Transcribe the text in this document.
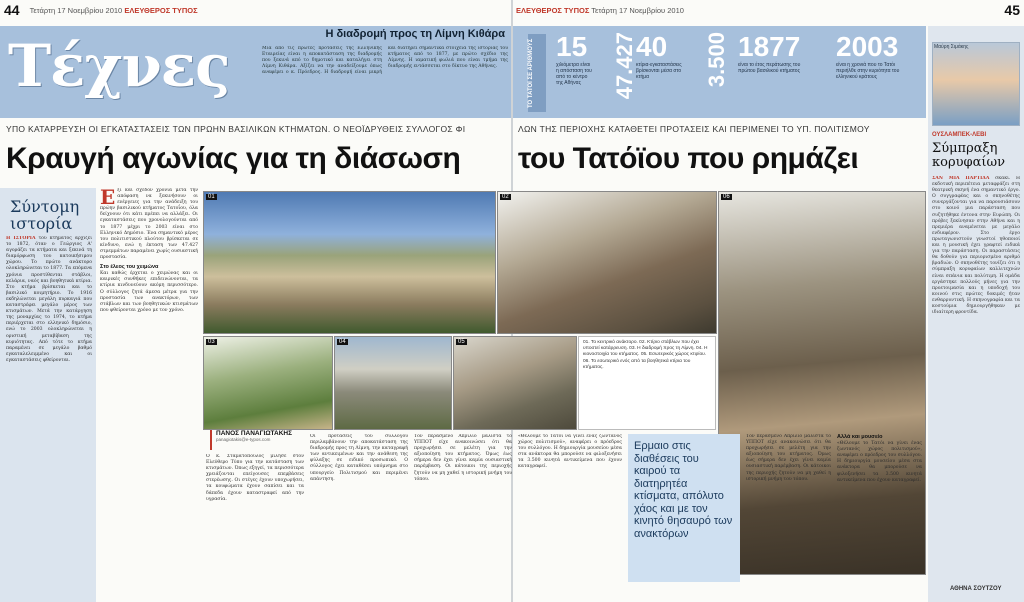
44 Τετάρτη 17 Νοεμβρίου 2010 ΕΛΕΥΘΕΡΟΣ ΤΥΠΟΣ	ΕΛΕΥΘΕΡΟΣ ΤΥΠΟΣ Τετάρτη 17 Νοεμβρίου 2010	45
Τέχνες	Η διαδρομή προς τη Λίμνη Κιθάρα
Μια από τις πρώτες προτάσεις της Ελληνικής Εταιρείας είναι η αποκατάσταση της διαδρομής που ξεκινά από το δημοτικό και καταλήγει στη Λίμνη Κιθάρα. Αξίζει να την αναδείξουμε όπως αναφέρει ο κ. Πρόεδρος. Η διαδρομή είναι μικρή και διατηρεί σημαντικά στοιχεία της ιστορίας του κτήματος από το 1877, με πρώτο σχέδιο της Λίμνης. Η ιαματική φωλιά που είναι τμήμα της διαδρομής εντάσσεται στο δίκτυο της Αθήνας.	ΤΟ ΤΑΤΟΪ ΣΕ ΑΡΙΘΜΟΥΣ 15
χιλιόμετρα είναι η απόσταση του από το κέντρο της Αθήνας	47.427 40
κτίρια-εγκαταστάσεις βρίσκονται μέσα στο κτήμα	3.500 1877
είναι το έτος περάτωσης του πρώτου βασιλικού κτήματος
2003
είναι η χρονιά που το Τατόι περιήλθε στην κυριότητα του ελληνικού κράτους
Μαύρη Σιμάκης
ΟΥΣΛΑΜΠΕΚ-ΛΕΒΙ
Σύμπραξη κορυφαίων
ΣΑΝ ΜΙΑ ΠΑΡΤΙΔΑ σκάκι. Η εκδοτική περιπέτεια μεταφράζει στη θεατρική σκηνή ένα σημαντικό έργο. Ο συγγραφέας και ο σκηνοθέτης συνεργάζονται για να παρουσιάσουν στο κοινό μια παράσταση που συζητήθηκε έντονα στην Ευρώπη. Οι πρόβες ξεκίνησαν στην Αθήνα και η πρεμιέρα αναμένεται με μεγάλο ενδιαφέρον. Στο έργο πρωταγωνιστούν γνωστοί ηθοποιοί και η μουσική έχει γραφτεί ειδικά για την παράσταση. Οι παραστάσεις θα δοθούν για περιορισμένο αριθμό βραδιών. Ο σκηνοθέτης τονίζει ότι η σύμπραξη κορυφαίων καλλιτεχνών είναι σπάνια και πολύτιμη. Η ομάδα εργάστηκε πολλούς μήνες για την προετοιμασία και η υποδοχή του κοινού στις πρώτες δοκιμές ήταν ενθαρρυντική. Η σκηνογραφία και τα κοστούμια δημιουργήθηκαν με ιδιαίτερη φροντίδα.
ΑΘΗΝΑ ΣΟΥΤΖΟΥ
ΥΠΟ ΚΑΤΑΡΡΕΥΣΗ ΟΙ ΕΓΚΑΤΑΣΤΑΣΕΙΣ ΤΩΝ ΠΡΩΗΝ ΒΑΣΙΛΙΚΩΝ ΚΤΗΜΑΤΩΝ. Ο ΝΕΟΪΔΡΥΘΕΙΣ ΣΥΛΛΟΓΟΣ ΦΙ	ΛΩΝ ΤΗΣ ΠΕΡΙΟΧΗΣ ΚΑΤΑΘΕΤΕΙ ΠΡΟΤΑΣΕΙΣ ΚΑΙ ΠΕΡΙΜΕΝΕΙ ΤΟ ΥΠ. ΠΟΛΙΤΙΣΜΟΥ
Κραυγή αγωνίας για τη διάσωση	του Τατόϊου που ρημάζει
Σύντομη ιστορία
Η ΙΣΤΟΡΙΑ του κτήματος αρχίζει το 1872, όταν ο Γεώργιος Α' αγοράζει τα κτήματα και ξεκινά τη διαμόρφωση του κατοικήσιμου χώρου. Το πρώτο ανάκτορο ολοκληρώνεται το 1877. Τα επόμενα χρόνια προστίθενται στάβλοι, κελάρια, ναός και βοηθητικά κτίρια. Στο κτήμα βρίσκεται και το βασιλικό κοιμητήριο. Το 1916 εκδηλώνεται μεγάλη πυρκαγιά που καταστρέφει μεγάλο μέρος των κτισμάτων. Μετά την κατάργηση της μοναρχίας το 1974, το κτήμα περιέρχεται στο ελληνικό δημόσιο, ενώ το 2003 ολοκληρώνεται η οριστική μεταβίβαση της κυριότητας. Από τότε το κτήμα παραμένει σε μεγάλο βαθμό εγκαταλελειμμένο και οι εγκαταστάσεις φθείρονται.
Ε ξι και σχεδόν χρόνια μετά την απόφαση να ξεκινήσουν οι ενέργειες για την ανάδειξη του πρώην βασιλικού κτήματος Τατοΐου, όλα δείχνουν ότι κάτι πρέπει να αλλάξει. Οι εγκαταστάσεις που χρονολογούνται από το 1877 μέχρι το 2003 είναι στο Ελληνικό Δημόσιο. Ένα σημαντικό μέρος του πολιτιστικού πλούτου βρίσκεται σε κίνδυνο, ενώ η έκταση των 47.427 στρεμμάτων παραμένει χωρίς ουσιαστική προστασία.
Στο έλεος του χειμώνα
Και καθώς έρχεται ο χειμώνας και οι καιρικές συνθήκες επιδεινώνονται, τα κτίρια κινδυνεύουν ακόμη περισσότερο. Ο σύλλογος ζητά άμεσα μέτρα για την προστασία των ανακτόρων, των στάβλων και των βοηθητικών κτισμάτων που φθείρονται χρόνο με τον χρόνο.
01	02
03	04	05
06
01. Το κεντρικό ανάκτορο. 02. Κτίριο στάβλων που έχει υποστεί κατάρρευση. 03. Η διαδρομή προς τη Λίμνη. 04. Η κιονοστοιχία του κτήματος. 05. Εσωτερικός χώρος κτιρίου. 06. Το εσωτερικό ενός από τα βοηθητικά κτίρια του κτήματος.
ΠΑΝΟΣ ΠΑΝΑΓΙΩΤΑΚΗΣ
panagiotakis@e-typos.com
Ο κ. Σταματόπουλος μίλησε στον Ελεύθερο Τύπο για την κατάσταση των κτισμάτων. Όπως εξηγεί, τα περισσότερα χρειάζονται επείγουσες επεμβάσεις στερέωσης. Οι στέγες έχουν υποχωρήσει, τα κουφώματα έχουν σαπίσει και τα δάπεδα έχουν καταστραφεί από την υγρασία.
Οι προτάσεις του συλλόγου περιλαμβάνουν την αποκατάσταση της διαδρομής προς τη Λίμνη, την καταγραφή των αντικειμένων και την ανάθεση της φύλαξης σε ειδικό προσωπικό. Ο σύλλογος έχει καταθέσει υπόμνημα στο υπουργείο Πολιτισμού και περιμένει απάντηση.
Τον περασμένο Απρίλιο μάλιστα το ΥΠΠΟΤ είχε ανακοινώσει ότι θα προχωρήσει σε μελέτη για την αξιοποίηση του κτήματος. Όμως έως σήμερα δεν έχει γίνει καμία ουσιαστική παρέμβαση. Οι κάτοικοι της περιοχής ζητούν να μη χαθεί η ιστορική μνήμη του τόπου.
«Θέλουμε το Τατόι να γίνει ένας ζωντανός χώρος πολιτισμού», αναφέρει ο πρόεδρος του συλλόγου. Η δημιουργία μουσείου μέσα στα ανάκτορα θα μπορούσε να φιλοξενήσει τα 3.500 κινητά αντικείμενα που έχουν καταγραφεί.
Ερμαιο στις διαθέσεις του καιρού τα διατηρητέα κτίσματα, απόλυτο χάος και με τον κινητό θησαυρό των ανακτόρων
Τον περασμένο Απρίλιο μάλιστα το ΥΠΠΟΤ είχε ανακοινώσει ότι θα προχωρήσει σε μελέτη για την αξιοποίηση του κτήματος. Όμως έως σήμερα δεν έχει γίνει καμία ουσιαστική παρέμβαση. Οι κάτοικοι της περιοχής ζητούν να μη χαθεί η ιστορική μνήμη του τόπου.
Αλλά και μουσείο
«Θέλουμε το Τατόι να γίνει ένας ζωντανός χώρος πολιτισμού», αναφέρει ο πρόεδρος του συλλόγου. Η δημιουργία μουσείου μέσα στα ανάκτορα θα μπορούσε να φιλοξενήσει τα 3.500 κινητά αντικείμενα που έχουν καταγραφεί.
